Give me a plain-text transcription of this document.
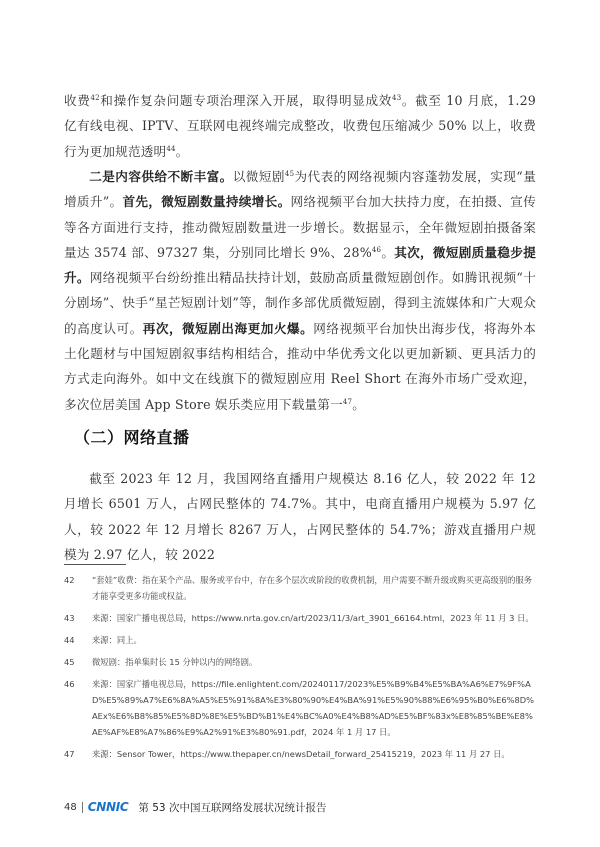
收费$^{42}$和操作复杂问题专项治理深入开展，取得明显成效$^{43}$。截至 10 月底，1.29 亿有线电视、IPTV、互联网电视终端完成整改，收费包压缩减少 50% 以上，收费行为更加规范透明$^{44}$。

二是内容供给不断丰富。以微短剧$^{45}$为代表的网络视频内容蓬勃发展，实现“量增质升”。首先，微短剧数量持续增长。网络视频平台加大扶持力度，在拍摄、宣传等各方面进行支持，推动微短剧数量进一步增长。数据显示，全年微短剧拍摄备案量达 3574 部、97327 集，分别同比增长 9%、28%$^{46}$。其次，微短剧质量稳步提升。网络视频平台纷纷推出精品扶持计划，鼓励高质量微短剧创作。如腾讯视频“十分剧场”、快手“星芒短剧计划”等，制作多部优质微短剧，得到主流媒体和广大观众的高度认可。再次，微短剧出海更加火爆。网络视频平台加快出海步伐，将海外本土化题材与中国短剧叙事结构相结合，推动中华优秀文化以更加新颖、更具活力的方式走向海外。如中文在线旗下的微短剧应用 Reel Short 在海外市场广受欢迎，多次位居美国 App Store 娱乐类应用下载量第一$^{47}$。

（二）网络直播

截至 2023 年 12 月，我国网络直播用户规模达 8.16 亿人，较 2022 年 12 月增长 6501 万人，占网民整体的 74.7%。其中，电商直播用户规模为 5.97 亿人，较 2022 年 12 月增长 8267 万人，占网民整体的 54.7%；游戏直播用户规模为 2.97 亿人，较 2022

42 “套娃”收费：指在某个产品、服务或平台中，存在多个层次或阶段的收费机制，用户需要不断升级或购买更高级别的服务才能享受更多功能或权益。
43 来源：国家广播电视总局，https://www.nrta.gov.cn/art/2023/11/3/art_3901_66164.html，2023 年 11 月 3 日。
44 来源：同上。
45 微短剧：指单集时长 15 分钟以内的网络剧。
46 来源：国家广播电视总局，https://file.enlightent.com/20240117/2023%E5%B9%B4%E5%BA%A6%E7%9F%AD%E5%89%A7%E6%8A%A5%E5%91%8A%E3%80%90%E4%BA%91%E5%90%88%E6%95%B0%E6%8D%AEx%E6%B8%85%E5%8D%8E%E5%BD%B1%E4%BC%A0%E4%B8%AD%E5%BF%83x%E8%85%BE%E8%AE%AF%E8%A7%86%E9%A2%91%E3%80%91.pdf，2024 年 1 月 17 日。
47 来源：Sensor Tower，https://www.thepaper.cn/newsDetail_forward_25415219，2023 年 11 月 27 日。
48 CNNIC 第 53 次中国互联网络发展状况统计报告
